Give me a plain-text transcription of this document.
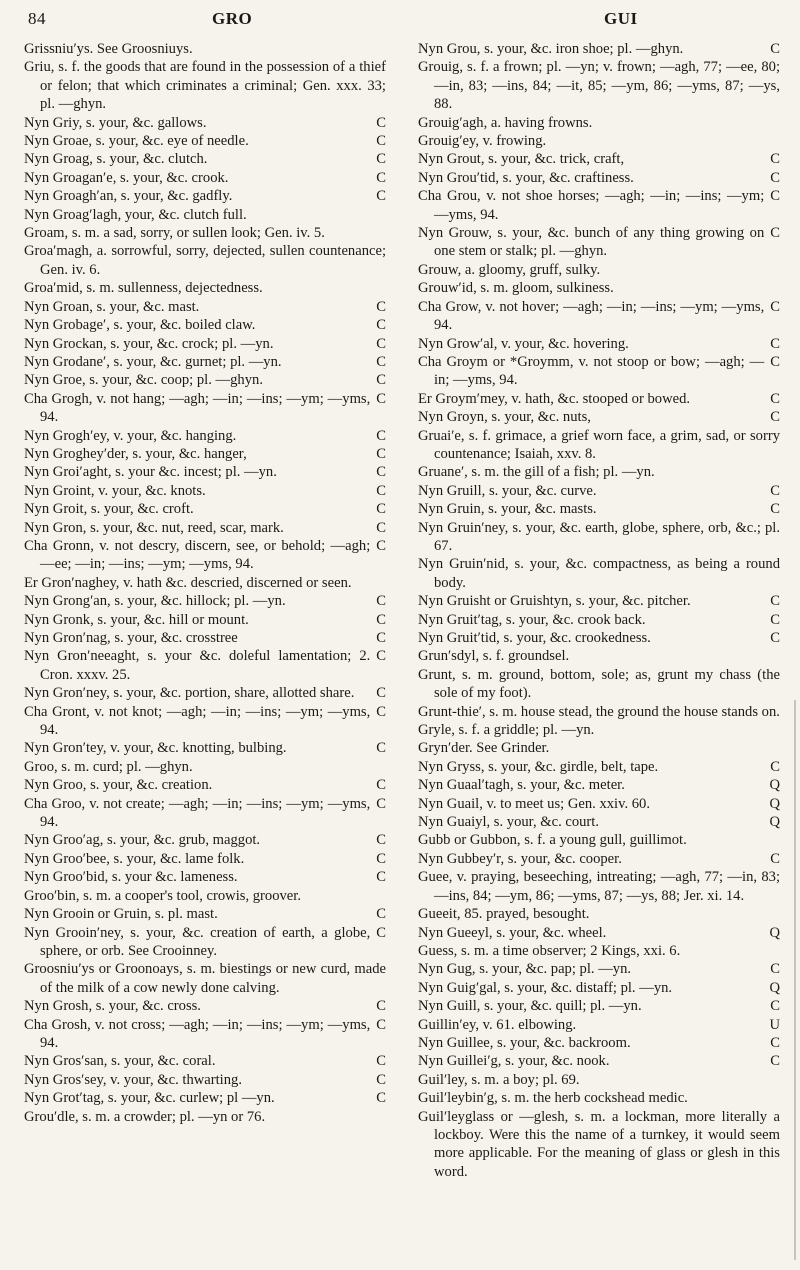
84	GRO	GUI
Grissniu′ys. See Groosniuys.
Griu, s. f. the goods that are found in the possession of a thief or felon; that which criminates a criminal; Gen. xxx. 33; pl. —ghyn.
C
Nyn Griy, s. your, &c. gallows.
C
Nyn Groae, s. your, &c. eye of needle.
C
Nyn Groag, s. your, &c. clutch.
C
Nyn Groagan′e, s. your, &c. crook.
C
Nyn Groagh′an, s. your, &c. gadfly.
Nyn Groag′lagh, your, &c. clutch full.
Groam, s. m. a sad, sorry, or sullen look; Gen. iv. 5.
Groa′magh, a. sorrowful, sorry, dejected, sullen countenance; Gen. iv. 6.
Groa′mid, s. m. sullenness, dejectedness.
C
Nyn Groan, s. your, &c. mast.
C
Nyn Grobage′, s. your, &c. boiled claw.
C
Nyn Grockan, s. your, &c. crock; pl. —yn.
C
Nyn Grodane′, s. your, &c. gurnet; pl. —yn.
C
Nyn Groe, s. your, &c. coop; pl. —ghyn.
C
Cha Grogh, v. not hang; —agh; —in; —ins; —ym; —yms, 94.
C
Nyn Grogh′ey, v. your, &c. hanging.
C
Nyn Groghey′der, s. your, &c. hanger,
C
Nyn Groi′aght, s. your &c. incest; pl. —yn.
C
Nyn Groint, v. your, &c. knots.
C
Nyn Groit, s. your, &c. croft.
C
Nyn Gron, s. your, &c. nut, reed, scar, mark.
C
Cha Gronn, v. not descry, discern, see, or behold; —agh; —ee; —in; —ins; —ym; —yms, 94.
Er Gron′naghey, v. hath &c. descried, discerned or seen.
C
Nyn Grong′an, s. your, &c. hillock; pl. —yn.
C
Nyn Gronk, s. your, &c. hill or mount.
C
Nyn Gron′nag, s. your, &c. crosstree
C
Nyn Gron′neeaght, s. your &c. doleful lamentation; 2. Cron. xxxv. 25.
C
Nyn Gron′ney, s. your, &c. portion, share, allotted share.
C
Cha Gront, v. not knot; —agh; —in; —ins; —ym; —yms, 94.
C
Nyn Gron′tey, v. your, &c. knotting, bulbing.
Groo, s. m. curd; pl. —ghyn.
C
Nyn Groo, s. your, &c. creation.
C
Cha Groo, v. not create; —agh; —in; —ins; —ym; —yms, 94.
C
Nyn Groo′ag, s. your, &c. grub, maggot.
C
Nyn Groo′bee, s. your, &c. lame folk.
C
Nyn Groo′bid, s. your &c. lameness.
Groo′bin, s. m. a cooper's tool, crowis, groover.
C
Nyn Grooin or Gruin, s. pl. mast.
C
Nyn Grooin′ney, s. your, &c. creation of earth, a globe, sphere, or orb. See Crooinney.
Groosniu′ys or Groonoays, s. m. biestings or new curd, made of the milk of a cow newly done calving.
C
Nyn Grosh, s. your, &c. cross.
C
Cha Grosh, v. not cross; —agh; —in; —ins; —ym; —yms, 94.
C
Nyn Gros′san, s. your, &c. coral.
C
Nyn Gros′sey, v. your, &c. thwarting.
C
Nyn Grot′tag, s. your, &c. curlew; pl —yn.
Grou′dle, s. m. a crowder; pl. —yn or 76.
C
Nyn Grou, s. your, &c. iron shoe; pl. —ghyn.
Grouig, s. f. a frown; pl. —yn; v. frown; —agh, 77; —ee, 80; —in, 83; —ins, 84; —it, 85; —ym, 86; —yms, 87; —ys, 88.
Grouig′agh, a. having frowns.
Grouig′ey, v. frowing.
C
Nyn Grout, s. your, &c. trick, craft,
C
Nyn Grou′tid, s. your, &c. craftiness.
C
Cha Grou, v. not shoe horses; —agh; —in; —ins; —ym; —yms, 94.
C
Nyn Grouw, s. your, &c. bunch of any thing growing on one stem or stalk; pl. —ghyn.
Grouw, a. gloomy, gruff, sulky.
Grouw′id, s. m. gloom, sulkiness.
C
Cha Grow, v. not hover; —agh; —in; —ins; —ym; —yms, 94.
C
Nyn Grow′al, v. your, &c. hovering.
C
Cha Groym or *Groymm, v. not stoop or bow; —agh; —in; —yms, 94.
C
Er Groym′mey, v. hath, &c. stooped or bowed.
C
Nyn Groyn, s. your, &c. nuts,
Gruai′e, s. f. grimace, a grief worn face, a grim, sad, or sorry countenance; Isaiah, xxv. 8.
Gruane′, s. m. the gill of a fish; pl. —yn.
C
Nyn Gruill, s. your, &c. curve.
C
Nyn Gruin, s. your, &c. masts.
Nyn Gruin′ney, s. your, &c. earth, globe, sphere, orb, &c.; pl. 67.
Nyn Gruin′nid, s. your, &c. compactness, as being a round body.
C
Nyn Gruisht or Gruishtyn, s. your, &c. pitcher.
C
Nyn Gruit′tag, s. your, &c. crook back.
C
Nyn Gruit′tid, s. your, &c. crookedness.
Grun′sdyl, s. f. groundsel.
Grunt, s. m. ground, bottom, sole; as, grunt my chass (the sole of my foot).
Grunt-thie′, s. m. house stead, the ground the house stands on.
Gryle, s. f. a griddle; pl. —yn.
Gryn′der. See Grinder.
C
Nyn Gryss, s. your, &c. girdle, belt, tape.
Q
Nyn Guaal′tagh, s. your, &c. meter.
Q
Nyn Guail, v. to meet us; Gen. xxiv. 60.
Q
Nyn Guaiyl, s. your, &c. court.
Gubb or Gubbon, s. f. a young gull, guillimot.
C
Nyn Gubbey′r, s. your, &c. cooper.
Guee, v. praying, beseeching, intreating; —agh, 77; —in, 83; —ins, 84; —ym, 86; —yms, 87; —ys, 88; Jer. xi. 14.
Gueeit, 85. prayed, besought.
Q
Nyn Gueeyl, s. your, &c. wheel.
Guess, s. m. a time observer; 2 Kings, xxi. 6.
C
Nyn Gug, s. your, &c. pap; pl. —yn.
Q
Nyn Guig′gal, s. your, &c. distaff; pl. —yn.
C
Nyn Guill, s. your, &c. quill; pl. —yn.
U
Guillin′ey, v. 61. elbowing.
C
Nyn Guillee, s. your, &c. backroom.
C
Nyn Guillei′g, s. your, &c. nook.
Guil′ley, s. m. a boy; pl. 69.
Guil′leybin′g, s. m. the herb cockshead medic.
Guil′leyglass or —glesh, s. m. a lockman, more literally a lockboy. Were this the name of a turnkey, it would seem more applicable. For the meaning of glass or glesh in this word.
